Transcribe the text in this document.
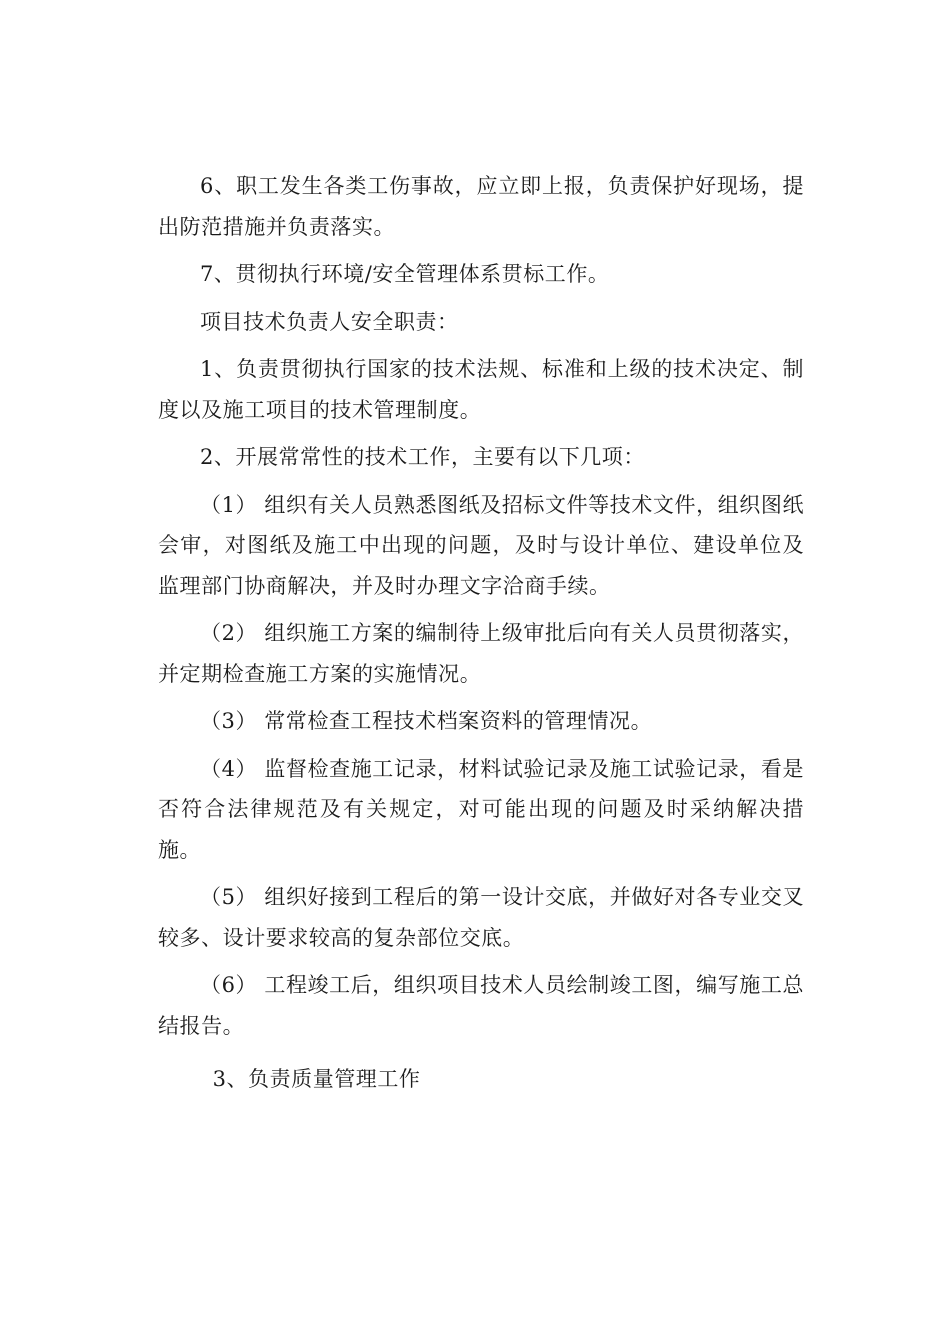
6、职工发生各类工伤事故，应立即上报，负责保护好现场，提出防范措施并负责落实。

7、贯彻执行环境/安全管理体系贯标工作。

项目技术负责人安全职责：

1、负责贯彻执行国家的技术法规、标准和上级的技术决定、制度以及施工项目的技术管理制度。

2、开展常常性的技术工作，主要有以下几项：

（1） 组织有关人员熟悉图纸及招标文件等技术文件，组织图纸会审，对图纸及施工中出现的问题，及时与设计单位、建设单位及监理部门协商解决，并及时办理文字洽商手续。

（2） 组织施工方案的编制待上级审批后向有关人员贯彻落实，并定期检查施工方案的实施情况。

（3） 常常检查工程技术档案资料的管理情况。

（4） 监督检查施工记录，材料试验记录及施工试验记录，看是否符合法律规范及有关规定，对可能出现的问题及时采纳解决措施。

（5） 组织好接到工程后的第一设计交底，并做好对各专业交叉较多、设计要求较高的复杂部位交底。

（6） 工程竣工后，组织项目技术人员绘制竣工图，编写施工总结报告。

3、负责质量管理工作
